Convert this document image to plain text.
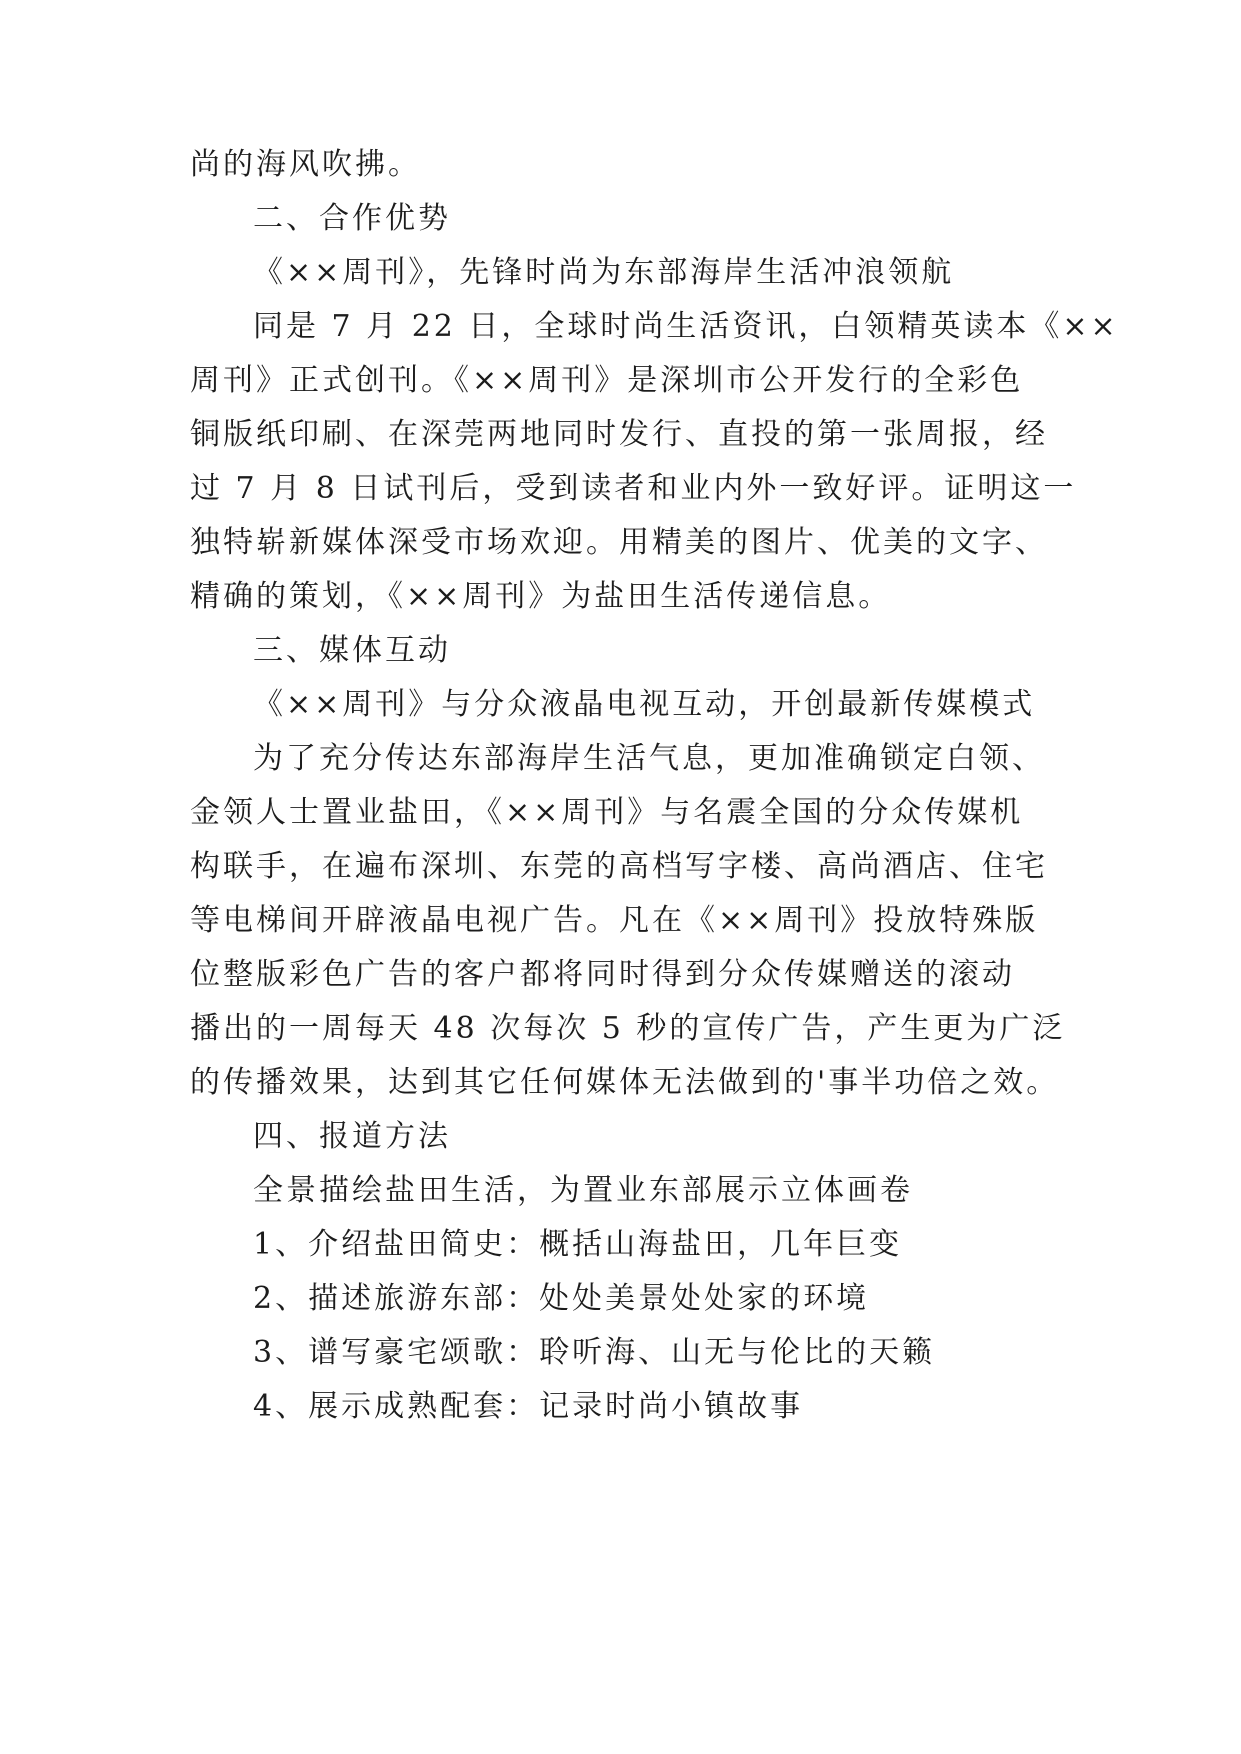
尚的海风吹拂。
二、合作优势
《××周刊》，先锋时尚为东部海岸生活冲浪领航
同是 7 月 22 日，全球时尚生活资讯，白领精英读本《××
周刊》正式创刊。《××周刊》是深圳市公开发行的全彩色
铜版纸印刷、在深莞两地同时发行、直投的第一张周报，经
过 7 月 8 日试刊后，受到读者和业内外一致好评。证明这一
独特崭新媒体深受市场欢迎。用精美的图片、优美的文字、
精确的策划，《××周刊》为盐田生活传递信息。
三、媒体互动
《××周刊》与分众液晶电视互动，开创最新传媒模式
为了充分传达东部海岸生活气息，更加准确锁定白领、
金领人士置业盐田，《××周刊》与名震全国的分众传媒机
构联手，在遍布深圳、东莞的高档写字楼、高尚酒店、住宅
等电梯间开辟液晶电视广告。凡在《××周刊》投放特殊版
位整版彩色广告的客户都将同时得到分众传媒赠送的滚动
播出的一周每天 48 次每次 5 秒的宣传广告，产生更为广泛
的传播效果，达到其它任何媒体无法做到的'事半功倍之效。
四、报道方法
全景描绘盐田生活，为置业东部展示立体画卷
1、介绍盐田简史：概括山海盐田，几年巨变
2、描述旅游东部：处处美景处处家的环境
3、谱写豪宅颂歌：聆听海、山无与伦比的天籁
4、展示成熟配套：记录时尚小镇故事
